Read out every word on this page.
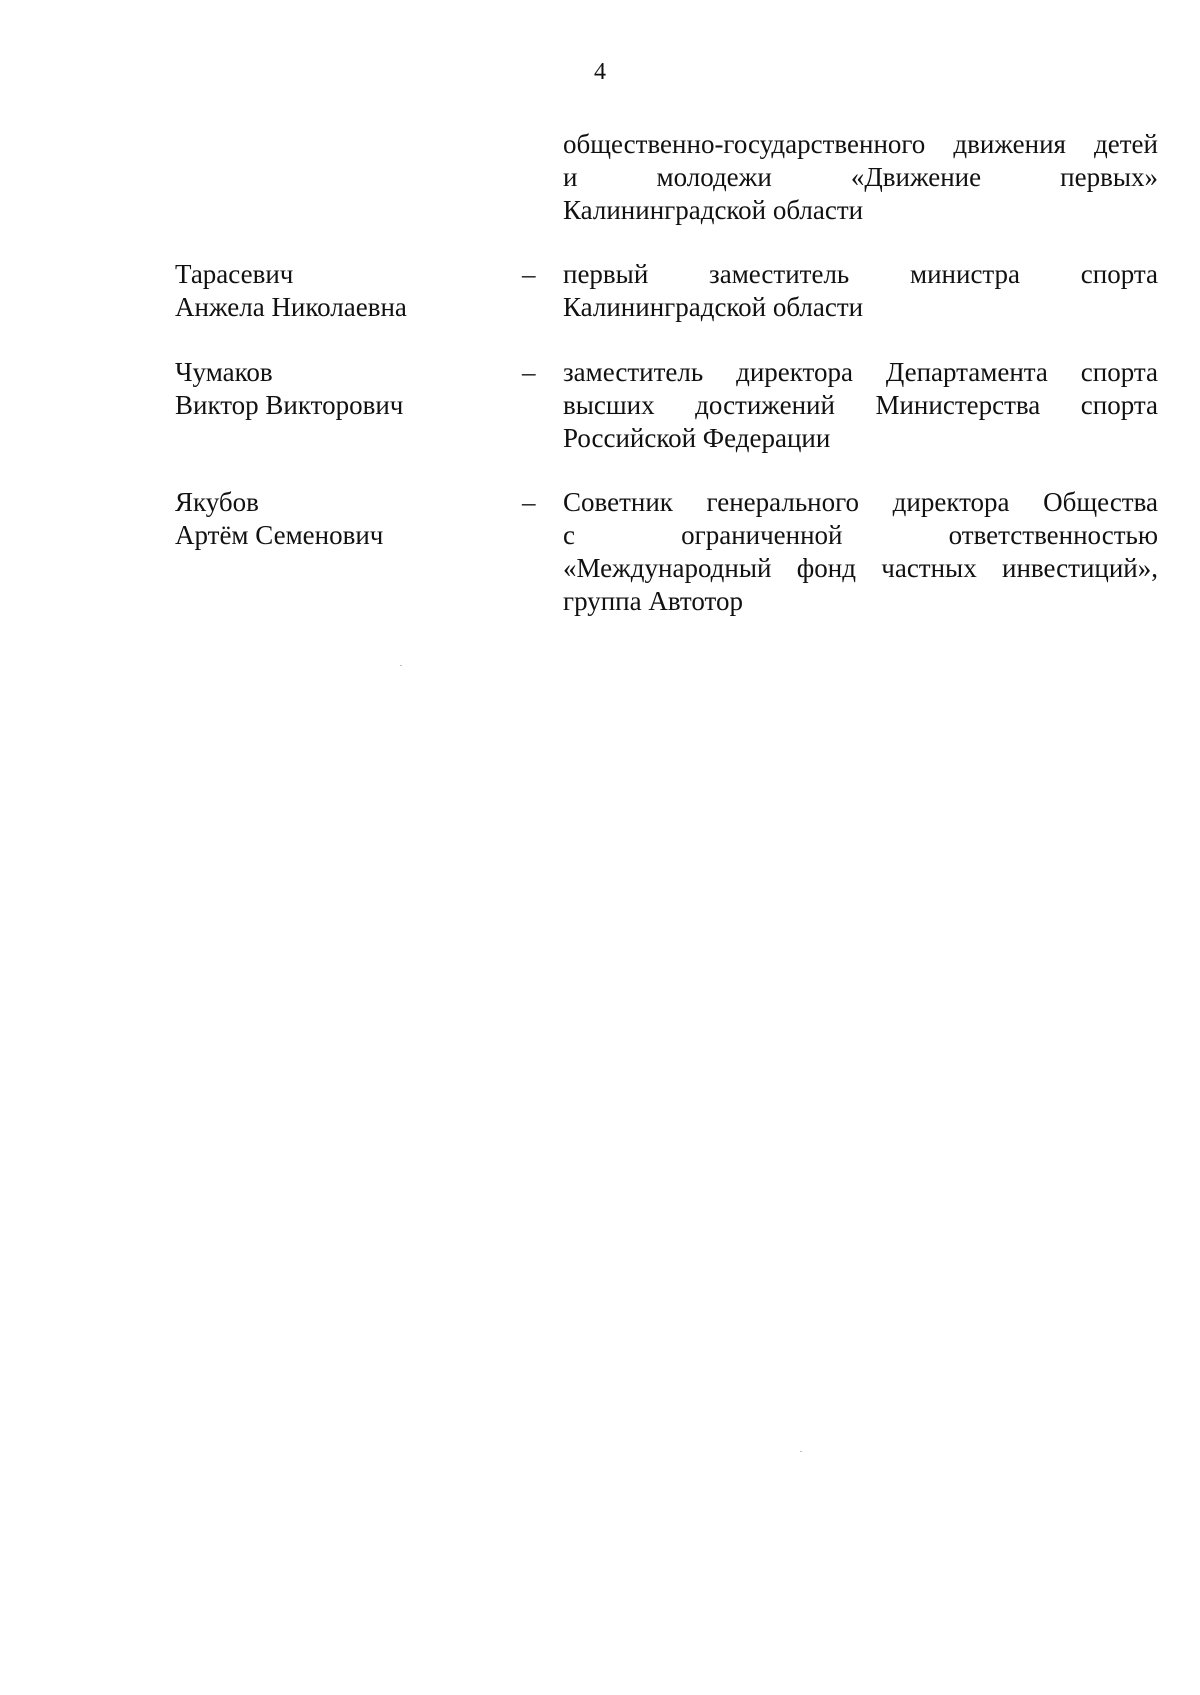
4
общественно-государственного движения детей
и молодежи «Движение первых»
Калининградской области
Тарасевич
Анжела Николаевна
– первый заместитель министра спорта
Калининградской области
Чумаков
Виктор Викторович
– заместитель директора Департамента спорта
высших достижений Министерства спорта
Российской Федерации
Якубов
Артём Семенович
– Советник генерального директора Общества
с ограниченной ответственностью
«Международный фонд частных инвестиций»,
группа Автотор
